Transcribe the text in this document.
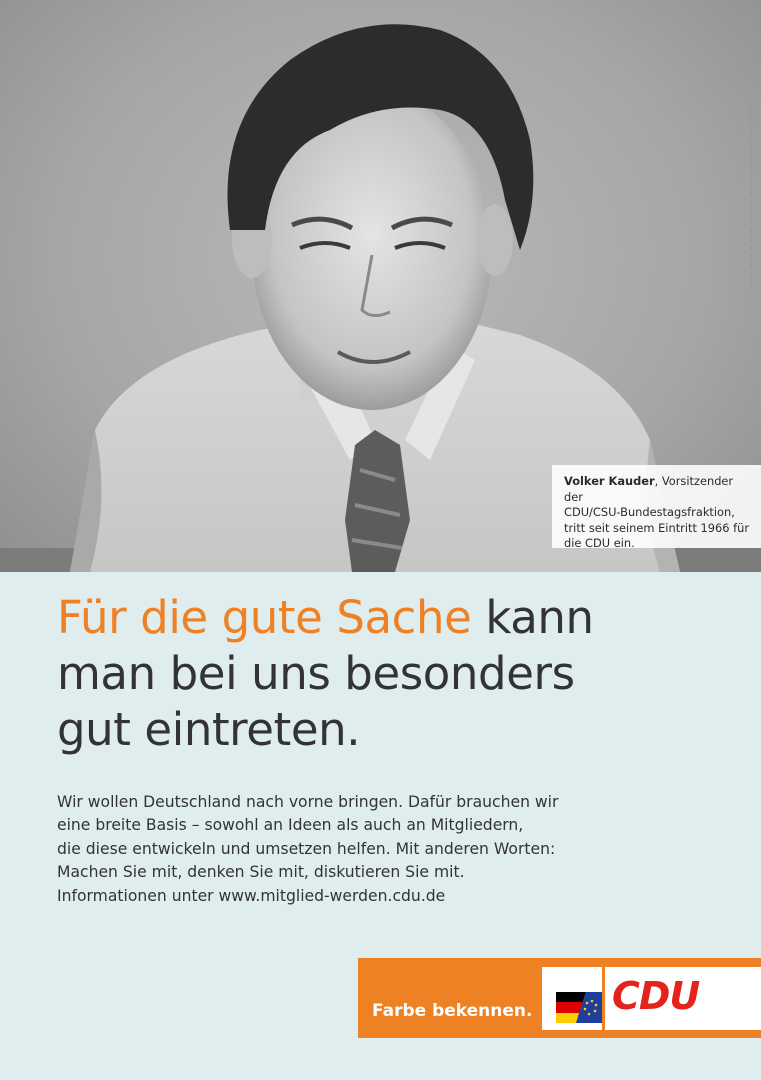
Volker Kauder, Vorsitzender der
CDU/CSU-Bundestagsfraktion,
tritt seit seinem Eintritt 1966 für
die CDU ein.
Für die gute Sache kann
man bei uns besonders
gut eintreten.
Wir wollen Deutschland nach vorne bringen. Dafür brauchen wir
eine breite Basis – sowohl an Ideen als auch an Mitgliedern,
die diese entwickeln und umsetzen helfen. Mit anderen Worten:
Machen Sie mit, denken Sie mit, diskutieren Sie mit.
Informationen unter www.mitglied-werden.cdu.de
Farbe bekennen. CDU
